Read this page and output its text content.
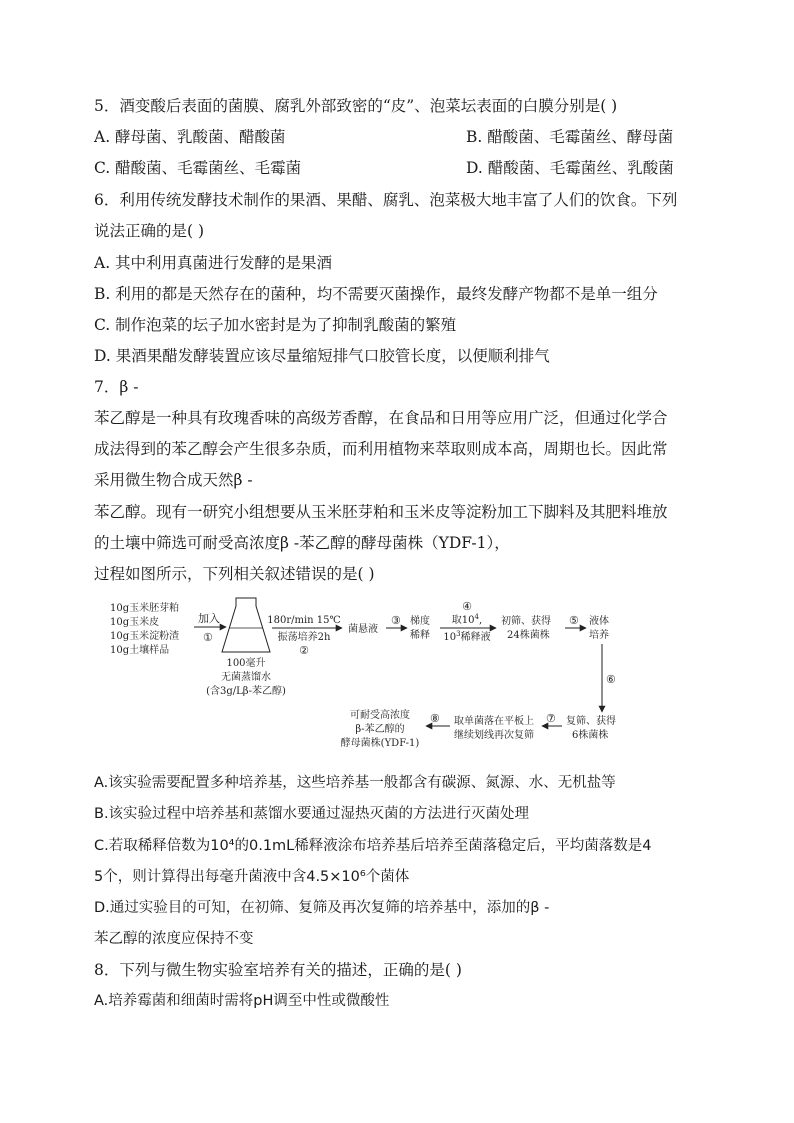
5．酒变酸后表面的菌膜、腐乳外部致密的“皮”、泡菜坛表面的白膜分别是( )
A. 酵母菌、乳酸菌、醋酸菌	B. 醋酸菌、毛霉菌丝、酵母菌
C. 醋酸菌、毛霉菌丝、毛霉菌	D. 醋酸菌、毛霉菌丝、乳酸菌
6．利用传统发酵技术制作的果酒、果醋、腐乳、泡菜极大地丰富了人们的饮食。下列
说法正确的是( )
A. 其中利用真菌进行发酵的是果酒
B. 利用的都是天然存在的菌种，均不需要灭菌操作，最终发酵产物都不是单一组分
C. 制作泡菜的坛子加水密封是为了抑制乳酸菌的繁殖
D. 果酒果醋发酵装置应该尽量缩短排气口胶管长度，以便顺利排气
7．β -
苯乙醇是一种具有玫瑰香味的高级芳香醇，在食品和日用等应用广泛，但通过化学合
成法得到的苯乙醇会产生很多杂质，而利用植物来萃取则成本高，周期也长。因此常
采用微生物合成天然β -
苯乙醇。现有一研究小组想要从玉米胚芽粕和玉米皮等淀粉加工下脚料及其肥料堆放
的土壤中筛选可耐受高浓度β -苯乙醇的酵母菌株（YDF-1），
过程如图所示，下列相关叙述错误的是( )
10g玉米胚芽粕
10g玉米皮
10g玉米淀粉渣
10g土壤样品
加入
①
100毫升
无菌蒸馏水
(含3g/Lβ-苯乙醇)
180r/min 15℃
振荡培养2h
②
菌悬液
③ 梯度
稀释
④
取$10^4$,
$10^3$稀释液
初筛、获得
24株菌株
⑤ 液体
培养
⑥
复筛、获得
6株菌株
⑦
取单菌落在平板上
继续划线再次复筛
⑧
可耐受高浓度
β-苯乙醇的
酵母菌株(YDF-1)
A.该实验需要配置多种培养基，这些培养基一般都含有碳源、氮源、水、无机盐等
B.该实验过程中培养基和蒸馏水要通过湿热灭菌的方法进行灭菌处理
C.若取稀释倍数为10⁴的0.1mL稀释液涂布培养基后培养至菌落稳定后，平均菌落数是4
5个，则计算得出每毫升菌液中含4.5×10⁶个菌体
D.通过实验目的可知，在初筛、复筛及再次复筛的培养基中，添加的β -
苯乙醇的浓度应保持不变
8．下列与微生物实验室培养有关的描述，正确的是( )
A.培养霉菌和细菌时需将pH调至中性或微酸性
